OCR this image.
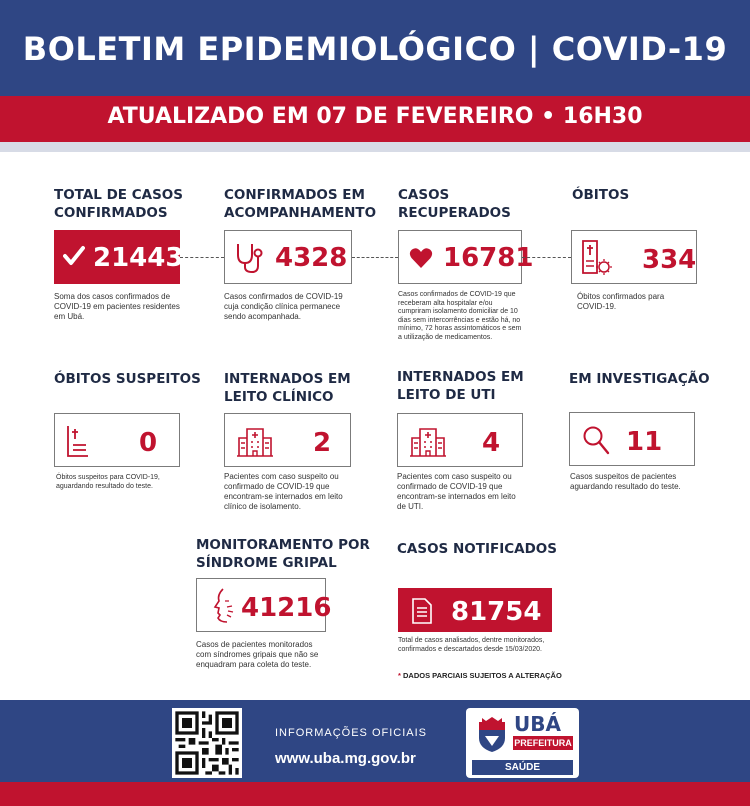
BOLETIM EPIDEMIOLÓGICO | COVID-19
ATUALIZADO EM 07 DE FEVEREIRO • 16H30
TOTAL DE CASOS
CONFIRMADOS
21443
Soma dos casos confirmados de
COVID-19 em pacientes residentes
em Ubá.
CONFIRMADOS EM
ACOMPANHAMENTO
4328
Casos confirmados de COVID-19
cuja condição clínica permanece
sendo acompanhada.
CASOS
RECUPERADOS
16781
Casos confirmados de COVID-19 que
receberam alta hospitalar e/ou
cumpriram isolamento domiciliar de 10
dias sem intercorrências e estão há, no
mínimo, 72 horas assintomáticos e sem
a utilização de medicamentos.
ÓBITOS
334
Óbitos confirmados para
COVID-19.
ÓBITOS SUSPEITOS
0
Óbitos suspeitos para COVID-19,
aguardando resultado do teste.
INTERNADOS EM
LEITO CLÍNICO
2
Pacientes com caso suspeito ou
confirmado de COVID-19 que
encontram-se internados em leito
clínico de isolamento.
INTERNADOS EM
LEITO DE UTI
4
Pacientes com caso suspeito ou
confirmado de COVID-19 que
encontram-se internados em leito
de UTI.
EM INVESTIGAÇÃO
11
Casos suspeitos de pacientes
aguardando resultado do teste.
MONITORAMENTO POR
SÍNDROME GRIPAL
41216
Casos de pacientes monitorados
com síndromes gripais que não se
enquadram para coleta do teste.
CASOS NOTIFICADOS
81754
Total de casos analisados, dentre monitorados,
confirmados e descartados desde 15/03/2020.
* DADOS PARCIAIS SUJEITOS A ALTERAÇÃO
INFORMAÇÕES OFICIAIS
www.uba.mg.gov.br
UBÁ
PREFEITURA
SAÚDE
